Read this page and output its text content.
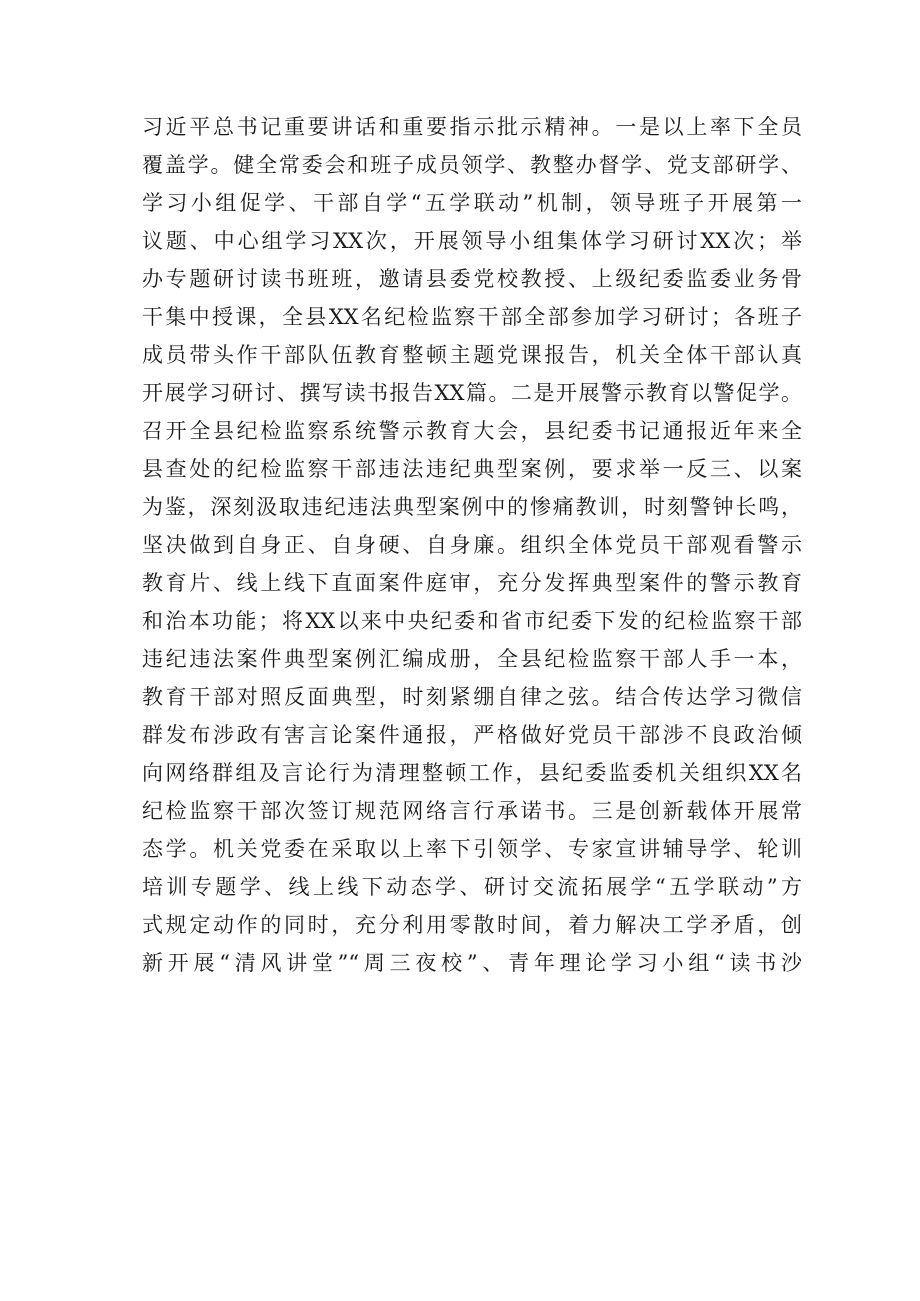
习近平总书记重要讲话和重要指示批示精神。一是以上率下全员
覆盖学。健全常委会和班子成员领学、教整办督学、党支部研学、
学习小组促学、干部自学“五学联动”机制，领导班子开展第一
议题、中心组学习XX次，开展领导小组集体学习研讨XX次；举
办专题研讨读书班班，邀请县委党校教授、上级纪委监委业务骨
干集中授课，全县XX名纪检监察干部全部参加学习研讨；各班子
成员带头作干部队伍教育整顿主题党课报告，机关全体干部认真
开展学习研讨、撰写读书报告XX篇。二是开展警示教育以警促学。
召开全县纪检监察系统警示教育大会，县纪委书记通报近年来全
县查处的纪检监察干部违法违纪典型案例，要求举一反三、以案
为鉴，深刻汲取违纪违法典型案例中的惨痛教训，时刻警钟长鸣，
坚决做到自身正、自身硬、自身廉。组织全体党员干部观看警示
教育片、线上线下直面案件庭审，充分发挥典型案件的警示教育
和治本功能；将XX以来中央纪委和省市纪委下发的纪检监察干部
违纪违法案件典型案例汇编成册，全县纪检监察干部人手一本，
教育干部对照反面典型，时刻紧绷自律之弦。结合传达学习微信
群发布涉政有害言论案件通报，严格做好党员干部涉不良政治倾
向网络群组及言论行为清理整顿工作，县纪委监委机关组织XX名
纪检监察干部次签订规范网络言行承诺书。三是创新载体开展常
态学。机关党委在采取以上率下引领学、专家宣讲辅导学、轮训
培训专题学、线上线下动态学、研讨交流拓展学“五学联动”方
式规定动作的同时，充分利用零散时间，着力解决工学矛盾，创
新开展“清风讲堂”“周三夜校”、青年理论学习小组“读书沙
